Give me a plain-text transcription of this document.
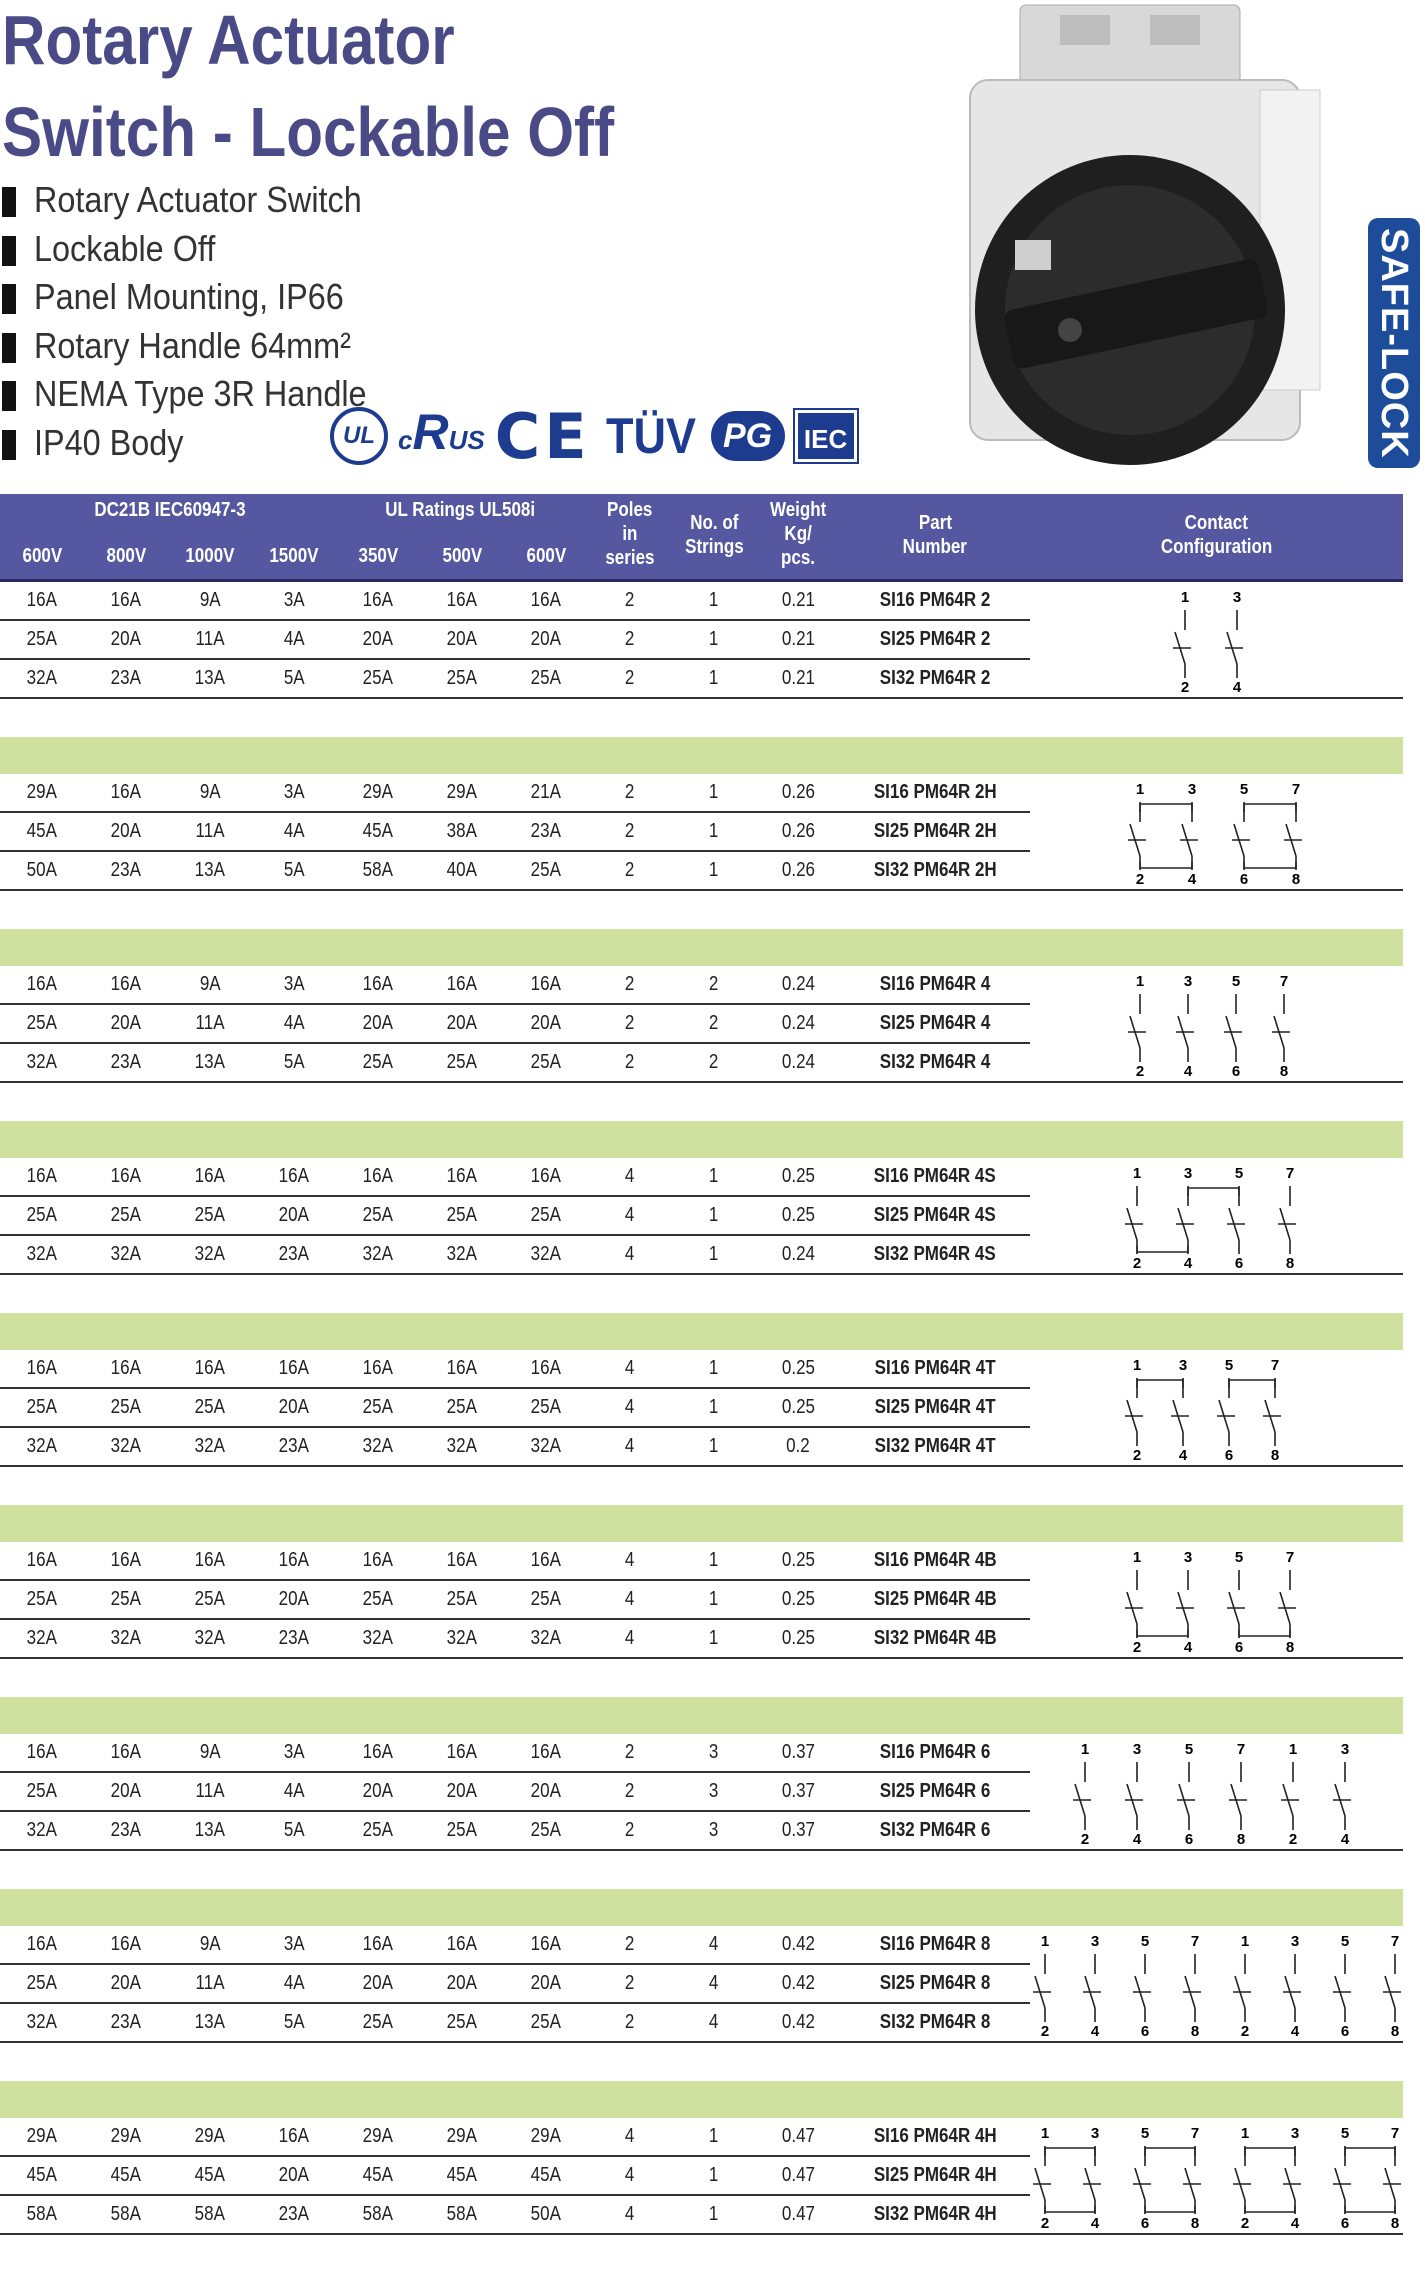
Rotary Actuator Switch - Lockable Off
Rotary Actuator Switch
Lockable Off
Panel Mounting, IP66
Rotary Handle 64mm²
NEMA Type 3R Handle
IP40 Body	UL cRUS CE TÜV PG	IEC	SAFE-LOCK
DC21B IEC60947-3	UL Ratings UL508i
600V	800V	1000V	1500V	350V	500V	600V
Poles
in
series
No. of
Strings
Weight
Kg/
pcs.
Part
Number
Contact
Configuration
16A	16A	9A	3A	16A	16A	16A	2	1	0.21	SI16 PM64R 2
25A	20A	11A	4A	20A	20A	20A	2	1	0.21	SI25 PM64R 2
32A	23A	13A	5A	25A	25A	25A	2	1	0.21	SI32 PM64R 2
1
2
3
4
29A	16A	9A	3A	29A	29A	21A	2	1	0.26	SI16 PM64R 2H
45A	20A	11A	4A	45A	38A	23A	2	1	0.26	SI25 PM64R 2H
50A	23A	13A	5A	58A	40A	25A	2	1	0.26	SI32 PM64R 2H
1
2
3
4
5
6
7
8
16A	16A	9A	3A	16A	16A	16A	2	2	0.24	SI16 PM64R 4
25A	20A	11A	4A	20A	20A	20A	2	2	0.24	SI25 PM64R 4
32A	23A	13A	5A	25A	25A	25A	2	2	0.24	SI32 PM64R 4
1
2
3
4
5
6
7
8
16A	16A	16A	16A	16A	16A	16A	4	1	0.25	SI16 PM64R 4S
25A	25A	25A	20A	25A	25A	25A	4	1	0.25	SI25 PM64R 4S
32A	32A	32A	23A	32A	32A	32A	4	1	0.24	SI32 PM64R 4S
1
2
3
4
5
6
7
8
16A	16A	16A	16A	16A	16A	16A	4	1	0.25	SI16 PM64R 4T
25A	25A	25A	20A	25A	25A	25A	4	1	0.25	SI25 PM64R 4T
32A	32A	32A	23A	32A	32A	32A	4	1	0.2	SI32 PM64R 4T
1
2
3
4
5
6
7
8
16A	16A	16A	16A	16A	16A	16A	4	1	0.25	SI16 PM64R 4B
25A	25A	25A	20A	25A	25A	25A	4	1	0.25	SI25 PM64R 4B
32A	32A	32A	23A	32A	32A	32A	4	1	0.25	SI32 PM64R 4B
1
2
3
4
5
6
7
8
16A	16A	9A	3A	16A	16A	16A	2	3	0.37	SI16 PM64R 6
25A	20A	11A	4A	20A	20A	20A	2	3	0.37	SI25 PM64R 6
32A	23A	13A	5A	25A	25A	25A	2	3	0.37	SI32 PM64R 6
1
2
3
4
5
6
7
8
1
2
3
4
16A	16A	9A	3A	16A	16A	16A	2	4	0.42	SI16 PM64R 8
25A	20A	11A	4A	20A	20A	20A	2	4	0.42	SI25 PM64R 8
32A	23A	13A	5A	25A	25A	25A	2	4	0.42	SI32 PM64R 8
1
2
3
4
5
6
7
8
1
2
3
4
5
6
7
8
29A	29A	29A	16A	29A	29A	29A	4	1	0.47	SI16 PM64R 4H
45A	45A	45A	20A	45A	45A	45A	4	1	0.47	SI25 PM64R 4H
58A	58A	58A	23A	58A	58A	50A	4	1	0.47	SI32 PM64R 4H
1
2
3
4
5
6
7
8
1
2
3
4
5
6
7
8
